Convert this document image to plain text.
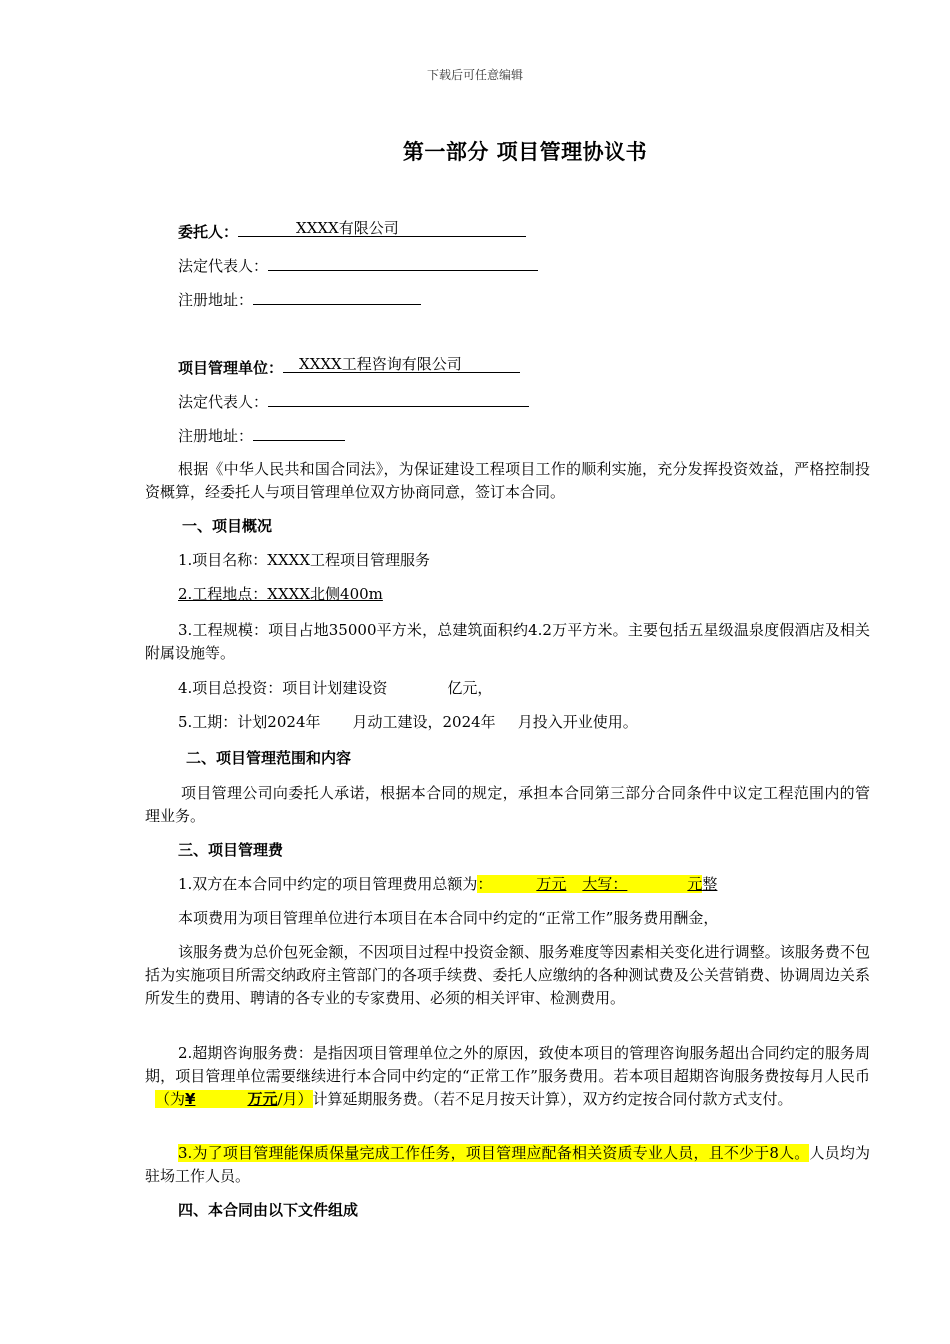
下载后可任意编辑
第一部分 项目管理协议书
委托人：	XXXX有限公司
法定代表人：
注册地址：
项目管理单位： XXXX工程咨询有限公司
法定代表人：
注册地址：
根据《中华人民共和国合同法》，为保证建设工程项目工作的顺利实施，充分发挥投资效益，严格控制投资概算，经委托人与项目管理单位双方协商同意，签订本合同。
一、项目概况
1.项目名称：XXXX工程项目管理服务
2.工程地点：XXXX北侧400m
3.工程规模：项目占地35000平方米，总建筑面积约4.2万平方米。主要包括五星级温泉度假酒店及相关附属设施等。
4.项目总投资：项目计划建设资	亿元，
5.工期：计划2024年 月动工建设，2024年 月投入开业使用。
二、项目管理范围和内容
项目管理公司向委托人承诺，根据本合同的规定，承担本合同第三部分合同条件中议定工程范围内的管理业务。
三、项目管理费
1.双方在本合同中约定的项目管理费用总额为：	万元 大写：	元整
本项费用为项目管理单位进行本项目在本合同中约定的“正常工作”服务费用酬金，
该服务费为总价包死金额，不因项目过程中投资金额、服务难度等因素相关变化进行调整。该服务费不包括为实施项目所需交纳政府主管部门的各项手续费、委托人应缴纳的各种测试费及公关营销费、协调周边关系所发生的费用、聘请的各专业的专家费用、必须的相关评审、检测费用。
2.超期咨询服务费：是指因项目管理单位之外的原因，致使本项目的管理咨询服务超出合同约定的服务周期，项目管理单位需要继续进行本合同中约定的“正常工作”服务费用。若本项目超期咨询服务费按每月人民币（为¥	万元/月）计算延期服务费。（若不足月按天计算），双方约定按合同付款方式支付。
3.为了项目管理能保质保量完成工作任务，项目管理应配备相关资质专业人员，且不少于8人。人员均为驻场工作人员。
四、本合同由以下文件组成
